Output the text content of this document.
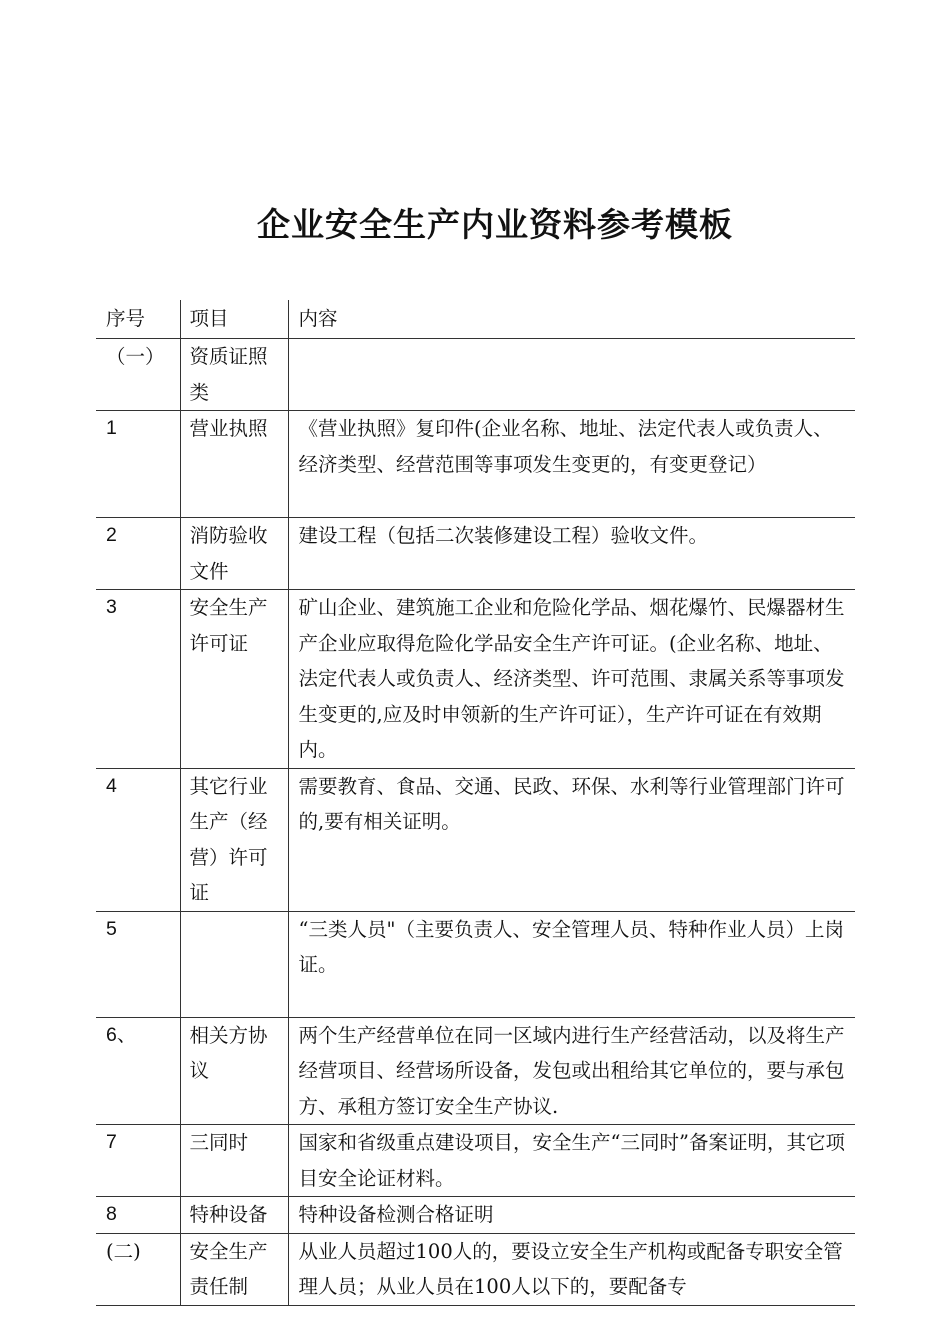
企业安全生产内业资料参考模板
序号	项目	内容
（一）	资质证照类	
1	营业执照	《营业执照》复印件(企业名称、地址、法定代表人或负责人、经济类型、经营范围等事项发生变更的，有变更登记）
2	消防验收文件	建设工程（包括二次装修建设工程）验收文件。
3	安全生产许可证	矿山企业、建筑施工企业和危险化学品、烟花爆竹、民爆器材生产企业应取得危险化学品安全生产许可证。(企业名称、地址、法定代表人或负责人、经济类型、许可范围、隶属关系等事项发生变更的,应及时申领新的生产许可证），生产许可证在有效期内。
4	其它行业生产（经营）许可证	需要教育、食品、交通、民政、环保、水利等行业管理部门许可的,要有相关证明。
5		“三类人员"（主要负责人、安全管理人员、特种作业人员）上岗证。
6、	相关方协议	两个生产经营单位在同一区域内进行生产经营活动，以及将生产经营项目、经营场所设备，发包或出租给其它单位的，要与承包方、承租方签订安全生产协议.
7	三同时	国家和省级重点建设项目，安全生产“三同时”备案证明，其它项目安全论证材料。
8	特种设备	特种设备检测合格证明
(二)	安全生产责任制	从业人员超过100人的，要设立安全生产机构或配备专职安全管理人员；从业人员在100人以下的，要配备专
